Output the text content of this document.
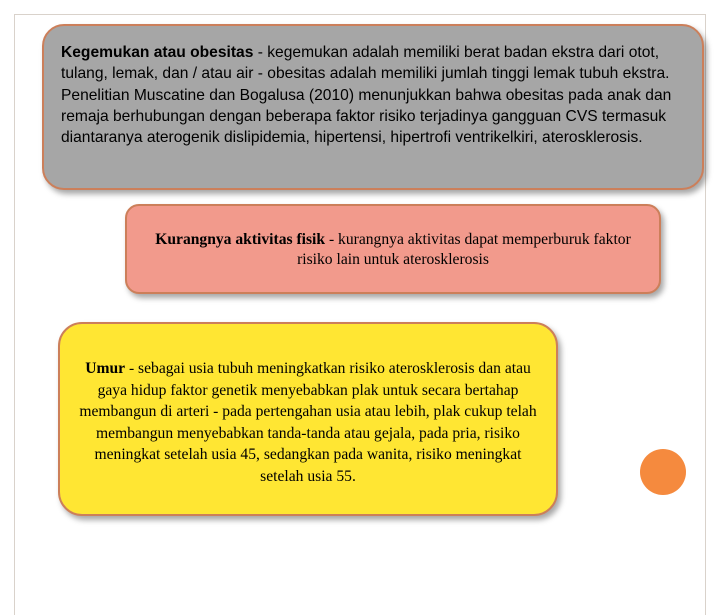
Kegemukan atau obesitas - kegemukan adalah memiliki berat badan ekstra dari otot, tulang, lemak, dan / atau air - obesitas adalah memiliki jumlah tinggi lemak tubuh ekstra. Penelitian Muscatine dan Bogalusa (2010) menunjukkan bahwa obesitas pada anak dan remaja berhubungan dengan beberapa faktor risiko terjadinya gangguan CVS termasuk diantaranya aterogenik dislipidemia, hipertensi, hipertrofi ventrikelkiri, aterosklerosis.
Kurangnya aktivitas fisik - kurangnya aktivitas dapat memperburuk faktor risiko lain untuk aterosklerosis
Umur - sebagai usia tubuh meningkatkan risiko aterosklerosis dan atau gaya hidup faktor genetik menyebabkan plak untuk secara bertahap membangun di arteri - pada pertengahan usia atau lebih, plak cukup telah membangun menyebabkan tanda-tanda atau gejala, pada pria, risiko meningkat setelah usia 45, sedangkan pada wanita, risiko meningkat setelah usia 55.
